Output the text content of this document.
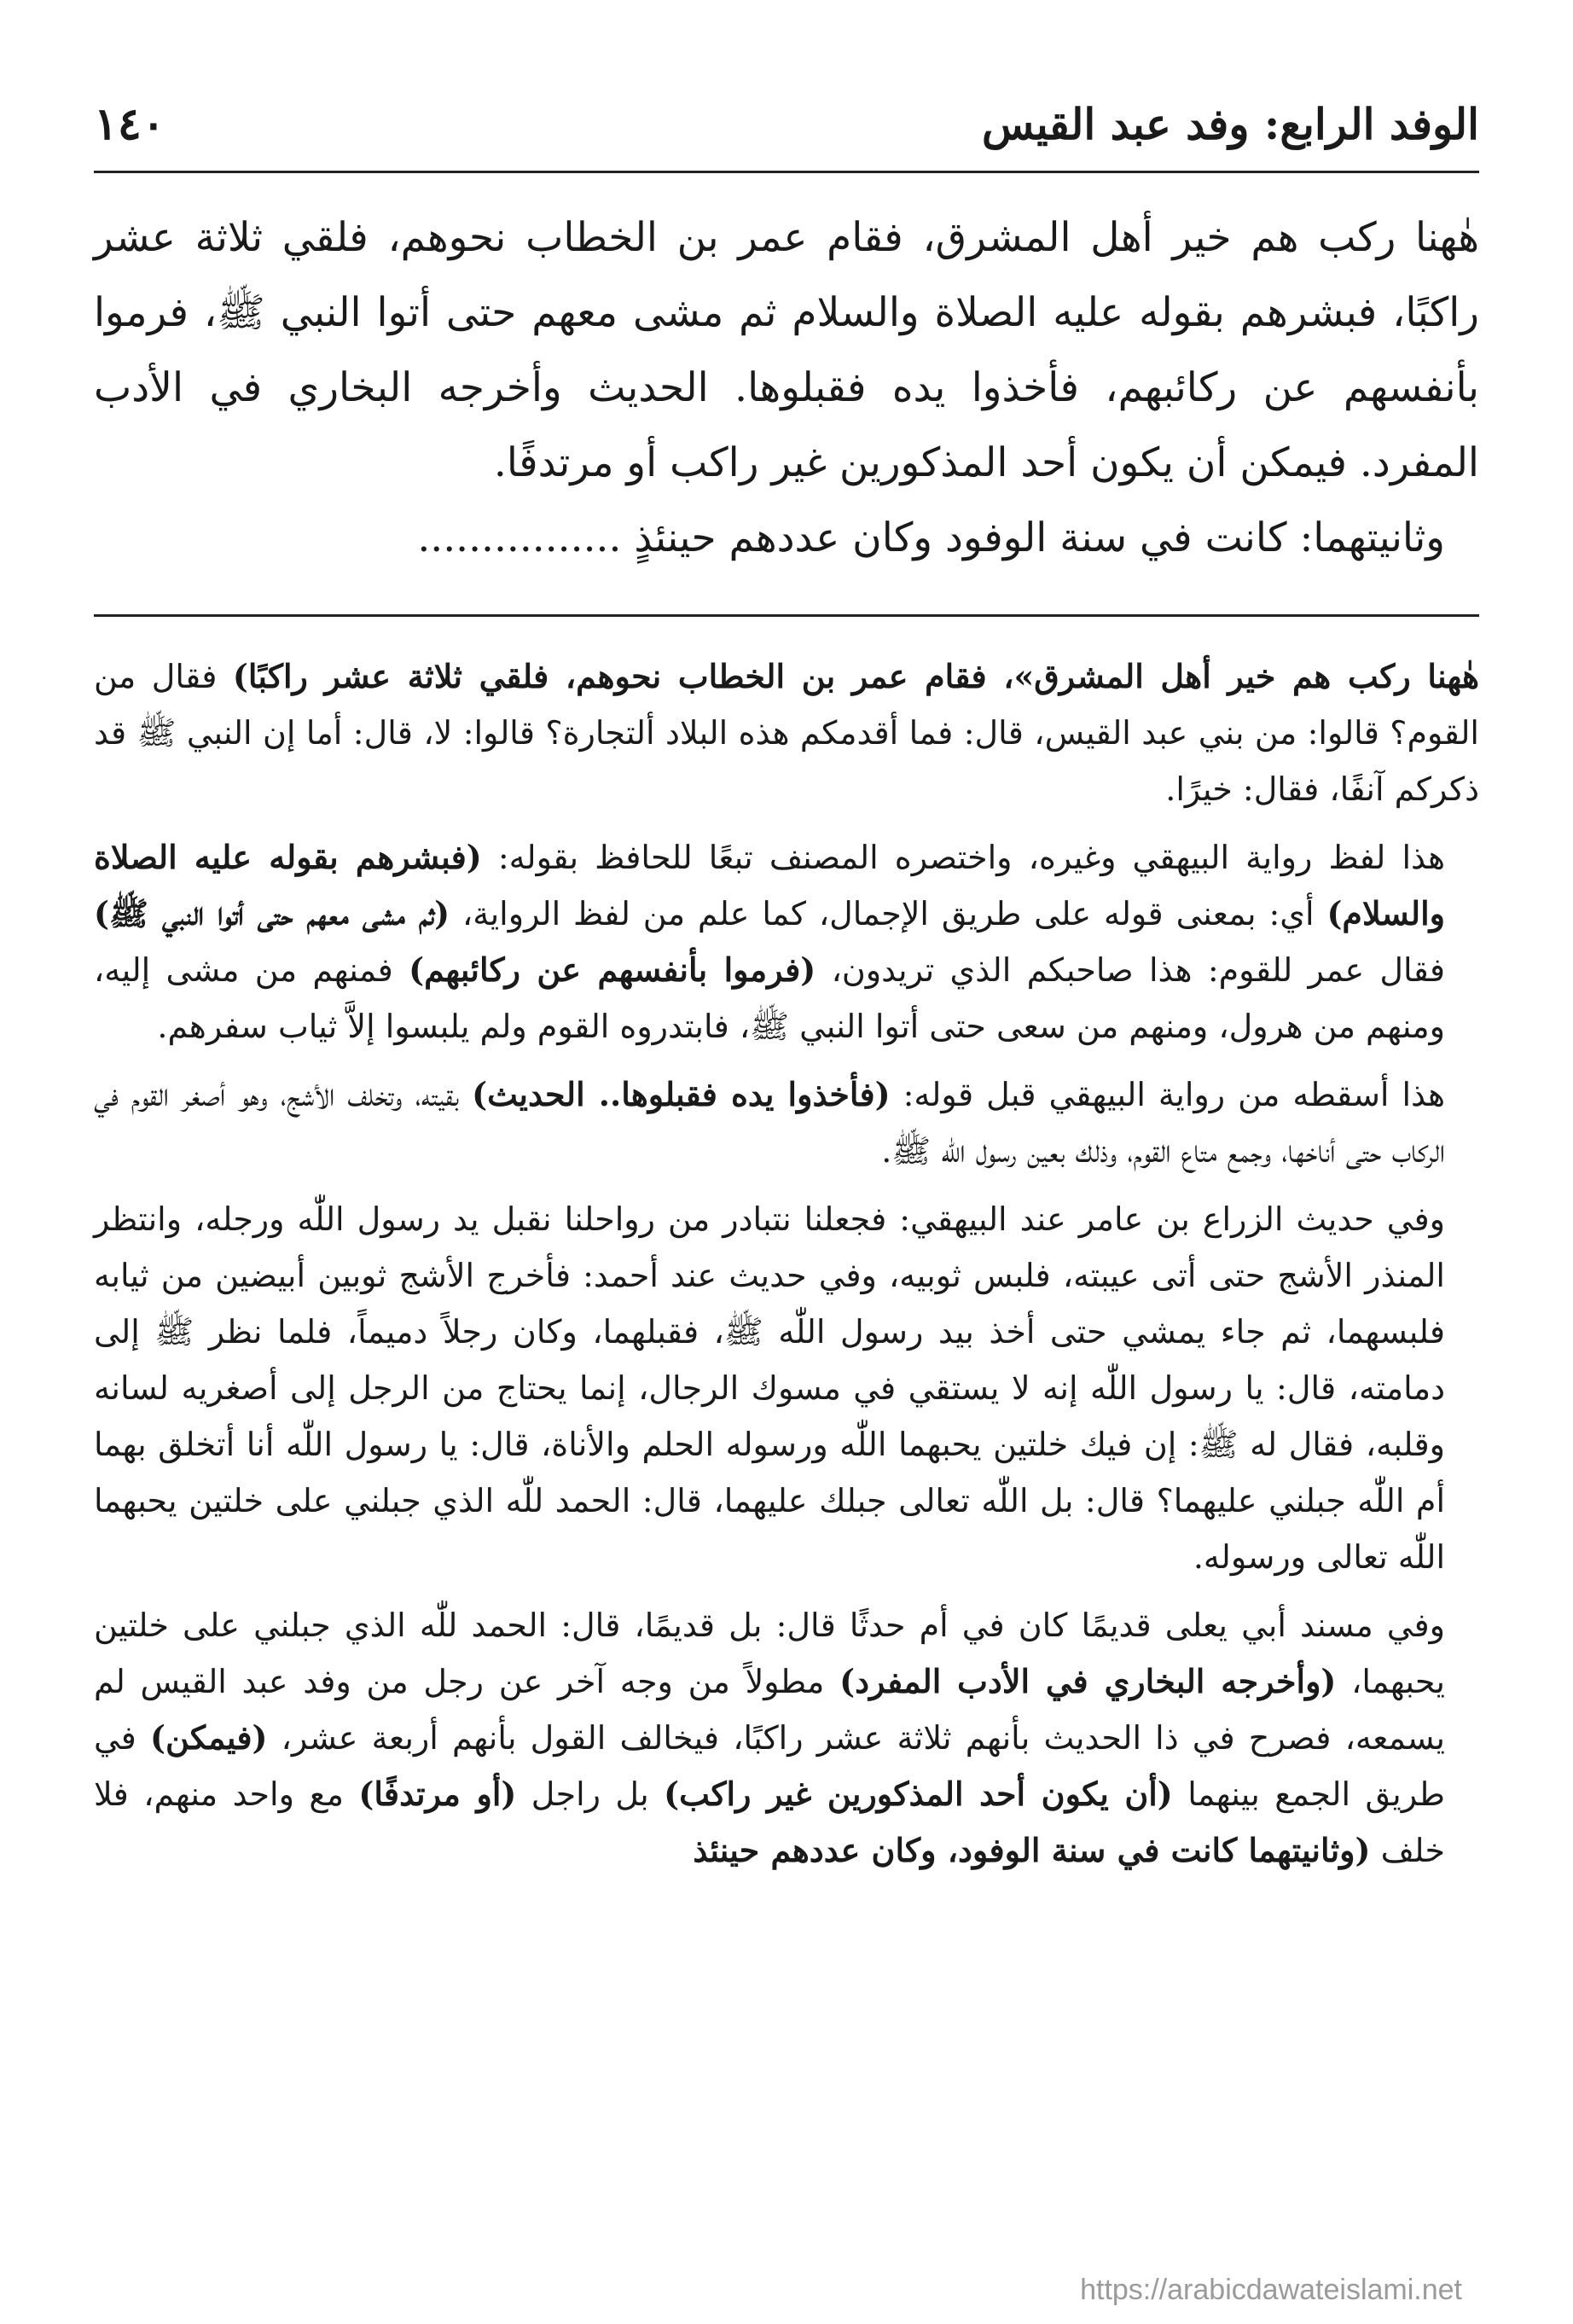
الوفد الرابع: وفد عبد القيس
١٤٠

هٰهنا ركب هم خير أهل المشرق، فقام عمر بن الخطاب نحوهم، فلقي ثلاثة عشر راكبًا، فبشرهم بقوله عليه الصلاة والسلام ثم مشى معهم حتى أتوا النبي ﷺ، فرموا بأنفسهم عن ركائبهم، فأخذوا يده فقبلوها. الحديث وأخرجه البخاري في الأدب المفرد. فيمكن أن يكون أحد المذكورين غير راكب أو مرتدفًا.

وثانيتهما: كانت في سنة الوفود وكان عددهم حينئذٍ ................

هٰهنا ركب هم خير أهل المشرق»، فقام عمر بن الخطاب نحوهم، فلقي ثلاثة عشر راكبًا) فقال من القوم؟ قالوا: من بني عبد القيس، قال: فما أقدمكم هذه البلاد ألتجارة؟ قالوا: لا، قال: أما إن النبي ﷺ قد ذكركم آنفًا، فقال: خيرًا.

هذا لفظ رواية البيهقي وغيره، واختصره المصنف تبعًا للحافظ بقوله: (فبشرهم بقوله عليه الصلاة والسلام) أي: بمعنى قوله على طريق الإجمال، كما علم من لفظ الرواية، (ثم مشى معهم حتى أتوا النبي ﷺ) فقال عمر للقوم: هذا صاحبكم الذي تريدون، (فرموا بأنفسهم عن ركائبهم) فمنهم من مشى إليه، ومنهم من هرول، ومنهم من سعى حتى أتوا النبي ﷺ، فابتدروه القوم ولم يلبسوا إلاَّ ثياب سفرهم.

هذا أسقطه من رواية البيهقي قبل قوله: (فأخذوا يده فقبلوها.. الحديث) بقيته، وتخلف الأشج، وهو أصغر القوم في الركاب حتى أناخها، وجمع متاع القوم، وذلك بعين رسول الله ﷺ.

وفي حديث الزراع بن عامر عند البيهقي: فجعلنا نتبادر من رواحلنا نقبل يد رسول اللّٰه ورجله، وانتظر المنذر الأشج حتى أتى عيبته، فلبس ثوبيه، وفي حديث عند أحمد: فأخرج الأشج ثوبين أبيضين من ثيابه فلبسهما، ثم جاء يمشي حتى أخذ بيد رسول اللّٰه ﷺ، فقبلهما، وكان رجلاً دميماً، فلما نظر ﷺ إلى دمامته، قال: يا رسول اللّٰه إنه لا يستقي في مسوك الرجال، إنما يحتاج من الرجل إلى أصغريه لسانه وقلبه، فقال له ﷺ: إن فيك خلتين يحبهما اللّٰه ورسوله الحلم والأناة، قال: يا رسول اللّٰه أنا أتخلق بهما أم اللّٰه جبلني عليهما؟ قال: بل اللّٰه تعالى جبلك عليهما، قال: الحمد للّٰه الذي جبلني على خلتين يحبهما اللّٰه تعالى ورسوله.

وفي مسند أبي يعلى قديمًا كان في أم حدثًا قال: بل قديمًا، قال: الحمد للّٰه الذي جبلني على خلتين يحبهما، (وأخرجه البخاري في الأدب المفرد) مطولاً من وجه آخر عن رجل من وفد عبد القيس لم يسمعه، فصرح في ذا الحديث بأنهم ثلاثة عشر راكبًا، فيخالف القول بأنهم أربعة عشر، (فيمكن) في طريق الجمع بينهما (أن يكون أحد المذكورين غير راكب) بل راجل (أو مرتدفًا) مع واحد منهم، فلا خلف (وثانيتهما كانت في سنة الوفود، وكان عددهم حينئذ

https://arabicdawateislami.net
